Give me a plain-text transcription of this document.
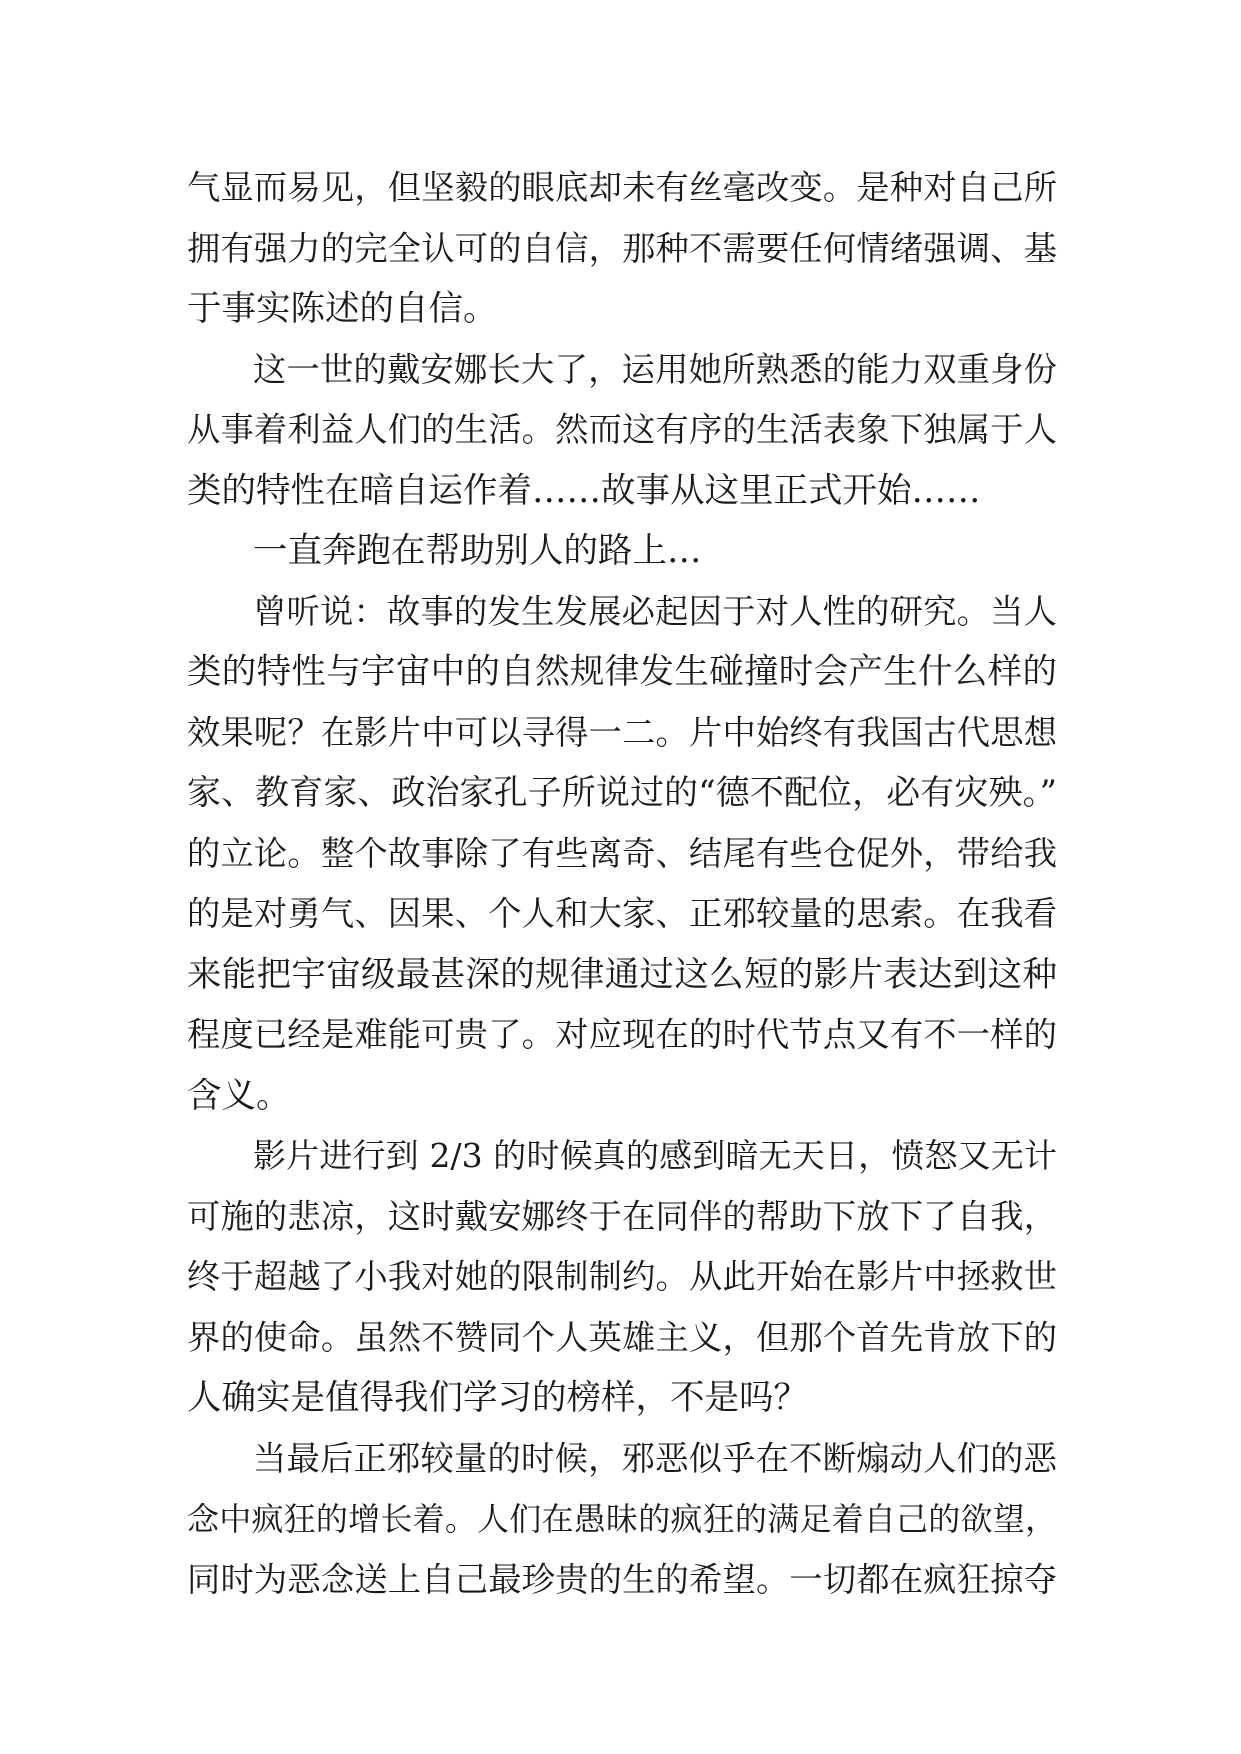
气显而易见，但坚毅的眼底却未有丝毫改变。是种对自己所
拥有强力的完全认可的自信，那种不需要任何情绪强调、基
于事实陈述的自信。
这一世的戴安娜长大了，运用她所熟悉的能力双重身份
从事着利益人们的生活。然而这有序的生活表象下独属于人
类的特性在暗自运作着……故事从这里正式开始……
一直奔跑在帮助别人的路上…
曾听说：故事的发生发展必起因于对人性的研究。当人
类的特性与宇宙中的自然规律发生碰撞时会产生什么样的
效果呢？在影片中可以寻得一二。片中始终有我国古代思想
家、教育家、政治家孔子所说过的“德不配位，必有灾殃。”
的立论。整个故事除了有些离奇、结尾有些仓促外，带给我
的是对勇气、因果、个人和大家、正邪较量的思索。在我看
来能把宇宙级最甚深的规律通过这么短的影片表达到这种
程度已经是难能可贵了。对应现在的时代节点又有不一样的
含义。
影片进行到 2/3 的时候真的感到暗无天日，愤怒又无计
可施的悲凉，这时戴安娜终于在同伴的帮助下放下了自我，
终于超越了小我对她的限制制约。从此开始在影片中拯救世
界的使命。虽然不赞同个人英雄主义，但那个首先肯放下的
人确实是值得我们学习的榜样，不是吗？
当最后正邪较量的时候，邪恶似乎在不断煽动人们的恶
念中疯狂的增长着。人们在愚昧的疯狂的满足着自己的欲望，
同时为恶念送上自己最珍贵的生的希望。一切都在疯狂掠夺
